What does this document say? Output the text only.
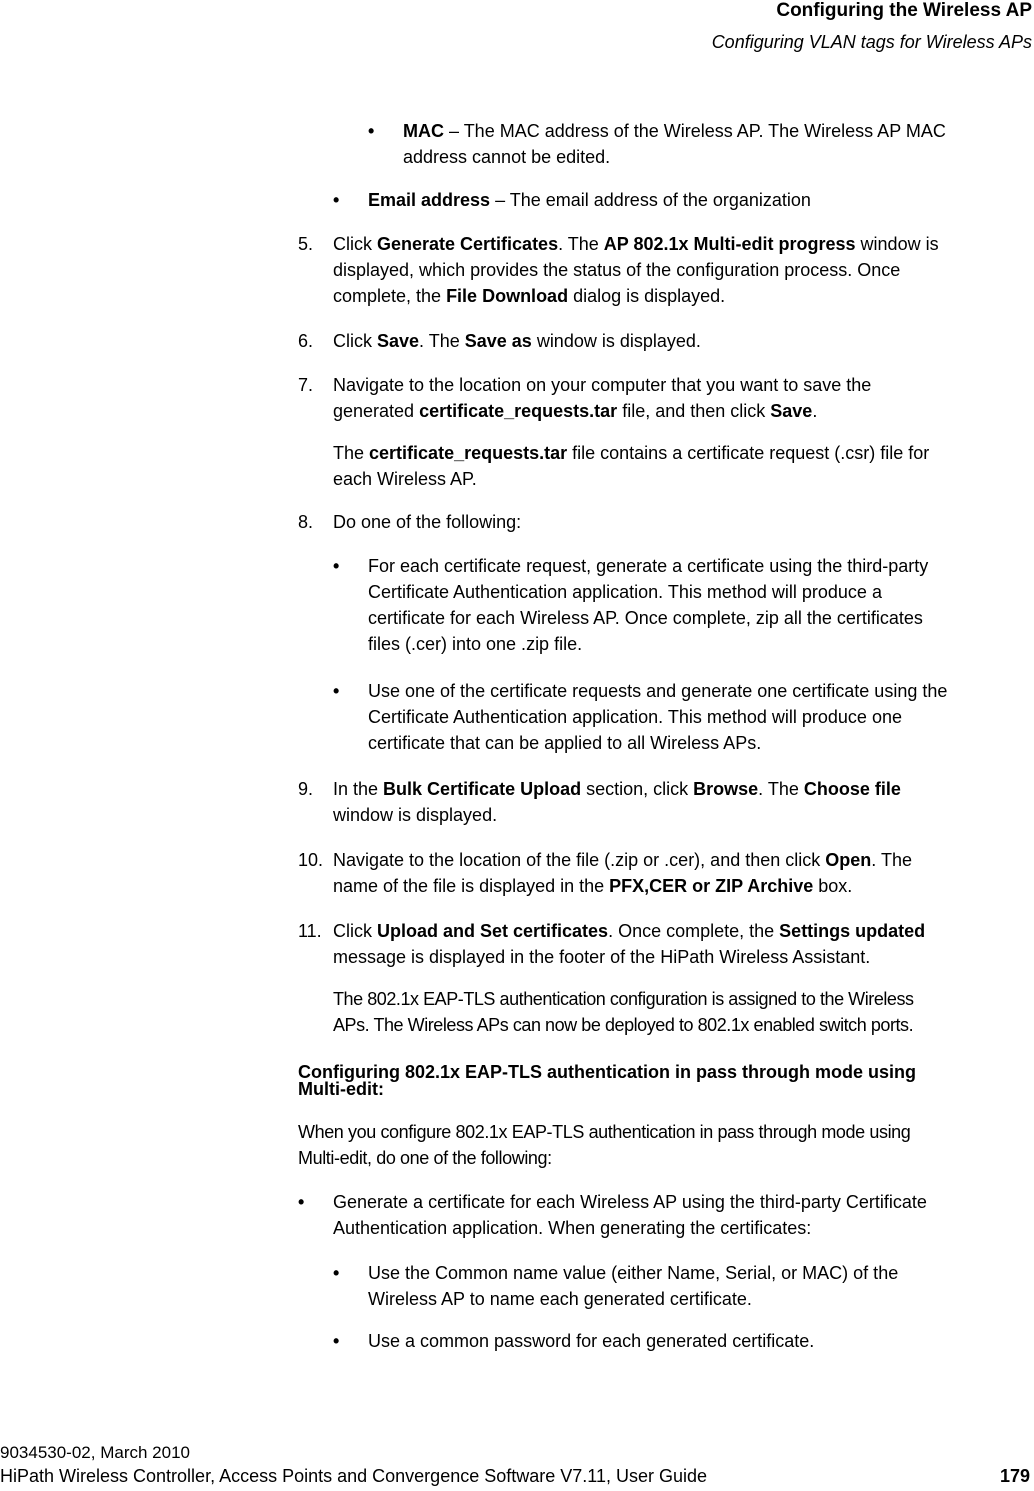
Configuring the Wireless AP
Configuring VLAN tags for Wireless APs
• MAC – The MAC address of the Wireless AP. The Wireless AP MAC

address cannot be edited.

• Email address – The email address of the organization

5. Click Generate Certificates. The AP 802.1x Multi-edit progress window is

displayed, which provides the status of the configuration process. Once

complete, the File Download dialog is displayed.

6. Click Save. The Save as window is displayed.

7. Navigate to the location on your computer that you want to save the

generated certificate_requests.tar file, and then click Save.

The certificate_requests.tar file contains a certificate request (.csr) file for

each Wireless AP.

8. Do one of the following:

• For each certificate request, generate a certificate using the third-party

Certificate Authentication application. This method will produce a

certificate for each Wireless AP. Once complete, zip all the certificates

files (.cer) into one .zip file.

• Use one of the certificate requests and generate one certificate using the

Certificate Authentication application. This method will produce one

certificate that can be applied to all Wireless APs.

9. In the Bulk Certificate Upload section, click Browse. The Choose file

window is displayed.

10. Navigate to the location of the file (.zip or .cer), and then click Open. The

name of the file is displayed in the PFX,CER or ZIP Archive box.

11. Click Upload and Set certificates. Once complete, the Settings updated

message is displayed in the footer of the HiPath Wireless Assistant.

The 802.1x EAP-TLS authentication configuration is assigned to the Wireless

APs. The Wireless APs can now be deployed to 802.1x enabled switch ports.

Configuring 802.1x EAP-TLS authentication in pass through mode using
Multi-edit:

When you configure 802.1x EAP-TLS authentication in pass through mode using

Multi-edit, do one of the following:

• Generate a certificate for each Wireless AP using the third-party Certificate

Authentication application. When generating the certificates:

• Use the Common name value (either Name, Serial, or MAC) of the

Wireless AP to name each generated certificate.

• Use a common password for each generated certificate.

9034530-02, March 2010
HiPath Wireless Controller, Access Points and Convergence Software V7.11, User Guide	179
